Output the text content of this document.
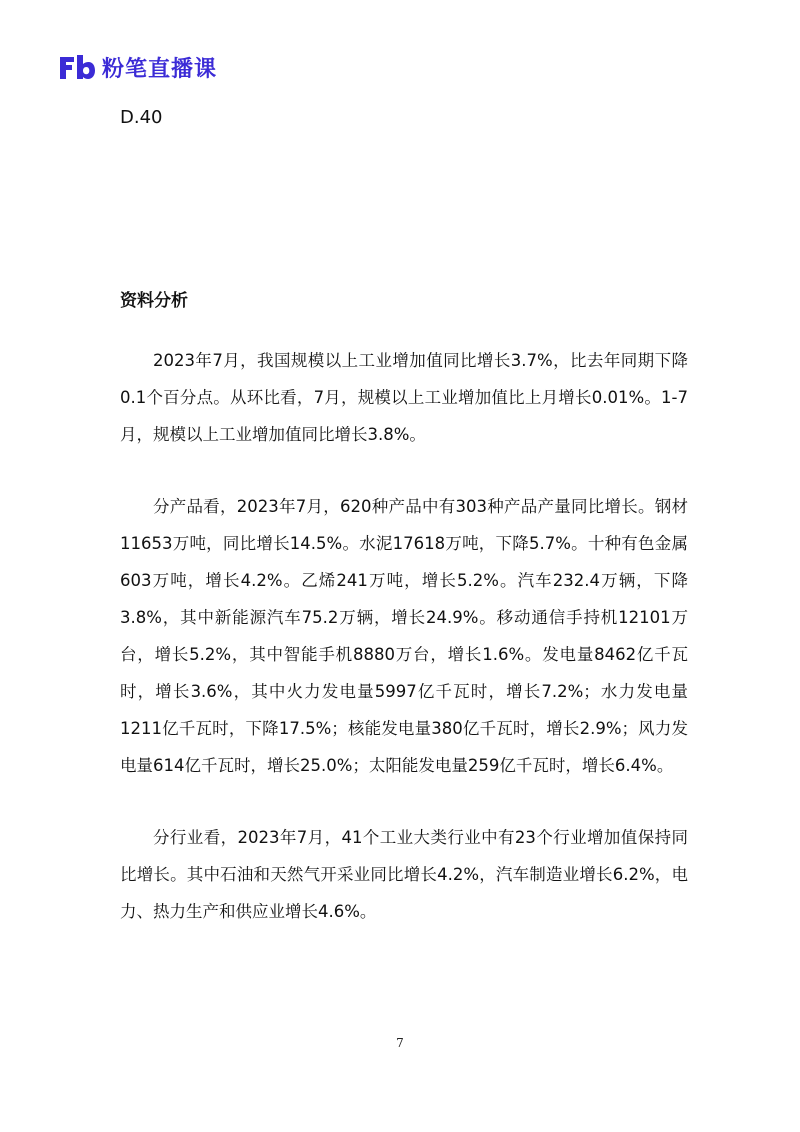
粉笔直播课
D.40
资料分析

2023年7月，我国规模以上工业增加值同比增长3.7%，比去年同期下降0.1个百分点。从环比看，7月，规模以上工业增加值比上月增长0.01%。1-7月，规模以上工业增加值同比增长3.8%。

分产品看，2023年7月，620种产品中有303种产品产量同比增长。钢材11653万吨，同比增长14.5%。水泥17618万吨，下降5.7%。十种有色金属603万吨，增长4.2%。乙烯241万吨，增长5.2%。汽车232.4万辆，下降3.8%，其中新能源汽车75.2万辆，增长24.9%。移动通信手持机12101万台，增长5.2%，其中智能手机8880万台，增长1.6%。发电量8462亿千瓦时，增长3.6%，其中火力发电量5997亿千瓦时，增长7.2%；水力发电量1211亿千瓦时，下降17.5%；核能发电量380亿千瓦时，增长2.9%；风力发电量614亿千瓦时，增长25.0%；太阳能发电量259亿千瓦时，增长6.4%。

分行业看，2023年7月，41个工业大类行业中有23个行业增加值保持同比增长。其中石油和天然气开采业同比增长4.2%，汽车制造业增长6.2%，电力、热力生产和供应业增长4.6%。

7
